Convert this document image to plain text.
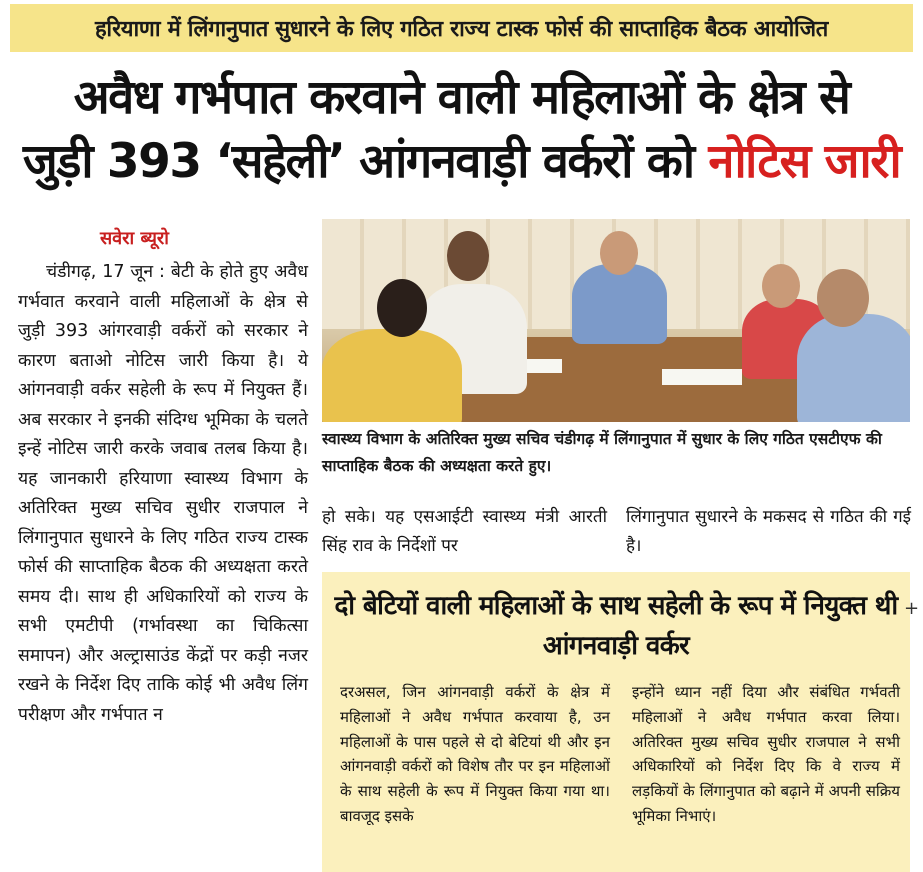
हरियाणा में लिंगानुपात सुधारने के लिए गठित राज्य टास्क फोर्स की साप्ताहिक बैठक आयोजित
अवैध गर्भपात करवाने वाली महिलाओं के क्षेत्र से
जुड़ी 393 ‘सहेली’ आंगनवाड़ी वर्करों को नोटिस जारी
सवेरा ब्यूरो
चंडीगढ़, 17 जून : बेटी के होते हुए अवैध गर्भवात करवाने वाली महिलाओं के क्षेत्र से जुड़ी 393 आंगरवाड़ी वर्करों को सरकार ने कारण बताओ नोटिस जारी किया है। ये आंगनवाड़ी वर्कर सहेली के रूप में नियुक्त हैं। अब सरकार ने इनकी संदिग्ध भूमिका के चलते इन्हें नोटिस जारी करके जवाब तलब किया है। यह जानकारी हरियाणा स्वास्थ्य विभाग के अतिरिक्त मुख्य सचिव सुधीर राजपाल ने लिंगानुपात सुधारने के लिए गठित राज्य टास्क फोर्स की साप्ताहिक बैठक की अध्यक्षता करते समय दी। साथ ही अधिकारियों को राज्य के सभी एमटीपी (गर्भावस्था का चिकित्सा समापन) और अल्ट्रासाउंड केंद्रों पर कड़ी नजर रखने के निर्देश दिए ताकि कोई भी अवैध लिंग परीक्षण और गर्भपात न
स्वास्थ्य विभाग के अतिरिक्त मुख्य सचिव चंडीगढ़ में लिंगानुपात में सुधार के लिए गठित एसटीएफ की साप्ताहिक बैठक की अध्यक्षता करते हुए।
हो सके। यह एसआईटी स्वास्थ्य मंत्री आरती सिंह राव के निर्देशों पर
लिंगानुपात सुधारने के मकसद से गठित की गई है।
दो बेटियों वाली महिलाओं के साथ सहेली के रूप में नियुक्त थी आंगनवाड़ी वर्कर
दरअसल, जिन आंगनवाड़ी वर्करों के क्षेत्र में महिलाओं ने अवैध गर्भपात करवाया है, उन महिलाओं के पास पहले से दो बेटियां थी और इन आंगनवाड़ी वर्करों को विशेष तौर पर इन महिलाओं के साथ सहेली के रूप में नियुक्त किया गया था। बावजूद इसके
इन्होंने ध्यान नहीं दिया और संबंधित गर्भवती महिलाओं ने अवैध गर्भपात करवा लिया। अतिरिक्त मुख्य सचिव सुधीर राजपाल ने सभी अधिकारियों को निर्देश दिए कि वे राज्य में लड़कियों के लिंगानुपात को बढ़ाने में अपनी सक्रिय भूमिका निभाएं।
+
